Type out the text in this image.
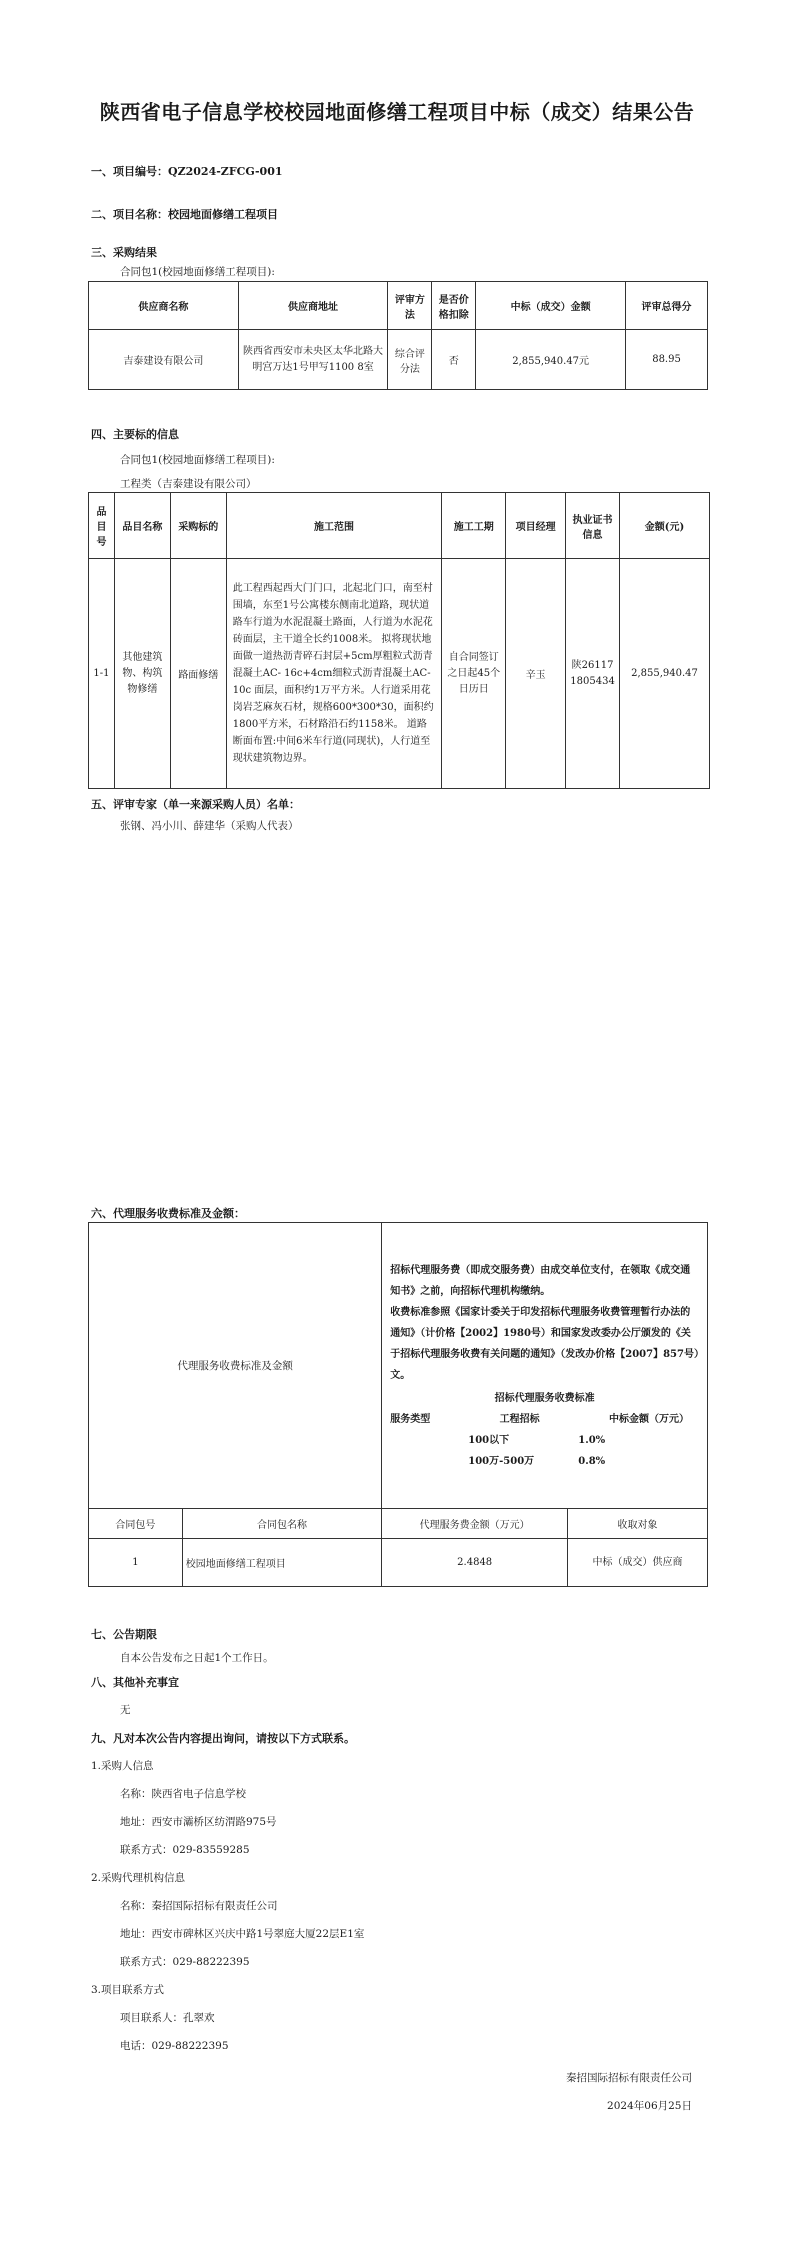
陕西省电子信息学校校园地面修缮工程项目中标（成交）结果公告
一、项目编号：QZ2024-ZFCG-001
二、项目名称：校园地面修缮工程项目
三、采购结果
合同包1(校园地面修缮工程项目):
供应商名称	供应商地址	评审方法	是否价格扣除	中标（成交）金额	评审总得分
吉泰建设有限公司	陕西省西安市未央区太华北路大明宫万达1号甲写1100 8室	综合评分法	否	2,855,940.47元	88.95
四、主要标的信息
合同包1(校园地面修缮工程项目):
工程类（吉泰建设有限公司）
品目号	品目名称	采购标的	施工范围	施工工期	项目经理	执业证书信息	金额(元)
1-1	其他建筑物、构筑物修缮	路面修缮	此工程西起西大门门口，北起北门口，南至村围墙，东至1号公寓楼东侧南北道路，现状道路车行道为水泥混凝土路面，人行道为水泥花砖面层，主干道全长约1008米。 拟将现状地面做一道热沥青碎石封层+5cm厚粗粒式沥青混凝土AC- 16c+4cm细粒式沥青混凝土AC- 10c 面层，面积约1万平方米。人行道采用花岗岩芝麻灰石材，规格600*300*30，面积约1800平方米，石材路沿石约1158米。 道路断面布置:中间6米车行道(同现状)，人行道至现状建筑物边界。	自合同签订之日起45个日历日	辛玉	陕261171805434	2,855,940.47
五、评审专家（单一来源采购人员）名单：
张钢、冯小川、薛建华（采购人代表）
六、代理服务收费标准及金额：
代理服务收费标准及金额	
招标代理服务费（即成交服务费）由成交单位支付，在领取《成交通知书》之前，向招标代理机构缴纳。
收费标准参照《国家计委关于印发招标代理服务收费管理暂行办法的通知》（计价格【2002】1980号）和国家发改委办公厅颁发的《关于招标代理服务收费有关问题的通知》（发改办价格【2007】857号）文。
招标代理服务收费标准
服务类型	工程招标	中标金额（万元）
100以下	1.0%
100万-500万	0.8%

合同包号	合同包名称	代理服务费金额（万元）	收取对象
1	校园地面修缮工程项目	2.4848	中标（成交）供应商
七、公告期限
自本公告发布之日起1个工作日。
八、其他补充事宜
无
九、凡对本次公告内容提出询问，请按以下方式联系。
1.采购人信息
名称：陕西省电子信息学校
地址：西安市灞桥区纺渭路975号
联系方式：029-83559285
2.采购代理机构信息
名称：秦招国际招标有限责任公司
地址：西安市碑林区兴庆中路1号翠庭大厦22层E1室
联系方式：029-88222395
3.项目联系方式
项目联系人：孔翠欢
电话：029-88222395
秦招国际招标有限责任公司
2024年06月25日
